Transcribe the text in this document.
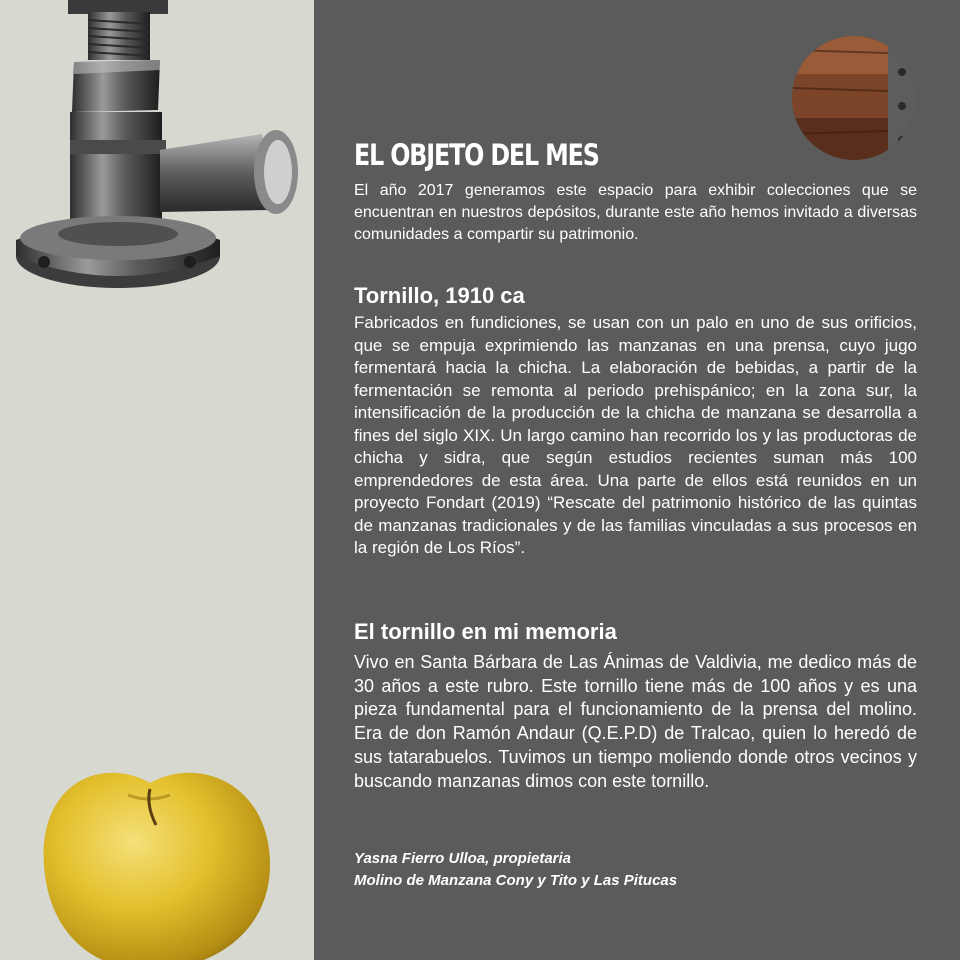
EL OBJETO DEL MES

El año 2017 generamos este espacio para exhibir colecciones que se encuentran en nuestros depósitos, durante este año hemos invitado a diversas comunidades a compartir su patrimonio.

Tornillo, 1910 ca

Fabricados en fundiciones, se usan con un palo en uno de sus orificios, que se empuja exprimiendo las manzanas en una prensa, cuyo jugo fermentará hacia la chicha. La elaboración de bebidas, a partir de la fermentación se remonta al periodo prehispánico; en la zona sur, la intensificación de la producción de la chicha de manzana se desarrolla a fines del siglo XIX. Un largo camino han recorrido los y las productoras de chicha y sidra, que según estudios recientes suman más 100 emprendedores de esta área. Una parte de ellos está reunidos en un proyecto Fondart (2019) “Rescate del patrimonio histórico de las quintas de manzanas tradicionales y de las familias vinculadas a sus procesos en la región de Los Ríos”.

El tornillo en mi memoria

Vivo en Santa Bárbara de Las Ánimas de Valdivia, me dedico más de 30 años a este rubro. Este tornillo tiene más de 100 años y es una pieza fundamental para el funcionamiento de la prensa del molino. Era de don Ramón Andaur (Q.E.P.D) de Tralcao, quien lo heredó de sus tatarabuelos. Tuvimos un tiempo moliendo donde otros vecinos y buscando manzanas dimos con este tornillo.

Yasna Fierro Ulloa, propietaria
Molino de Manzana Cony y Tito y Las Pitucas
